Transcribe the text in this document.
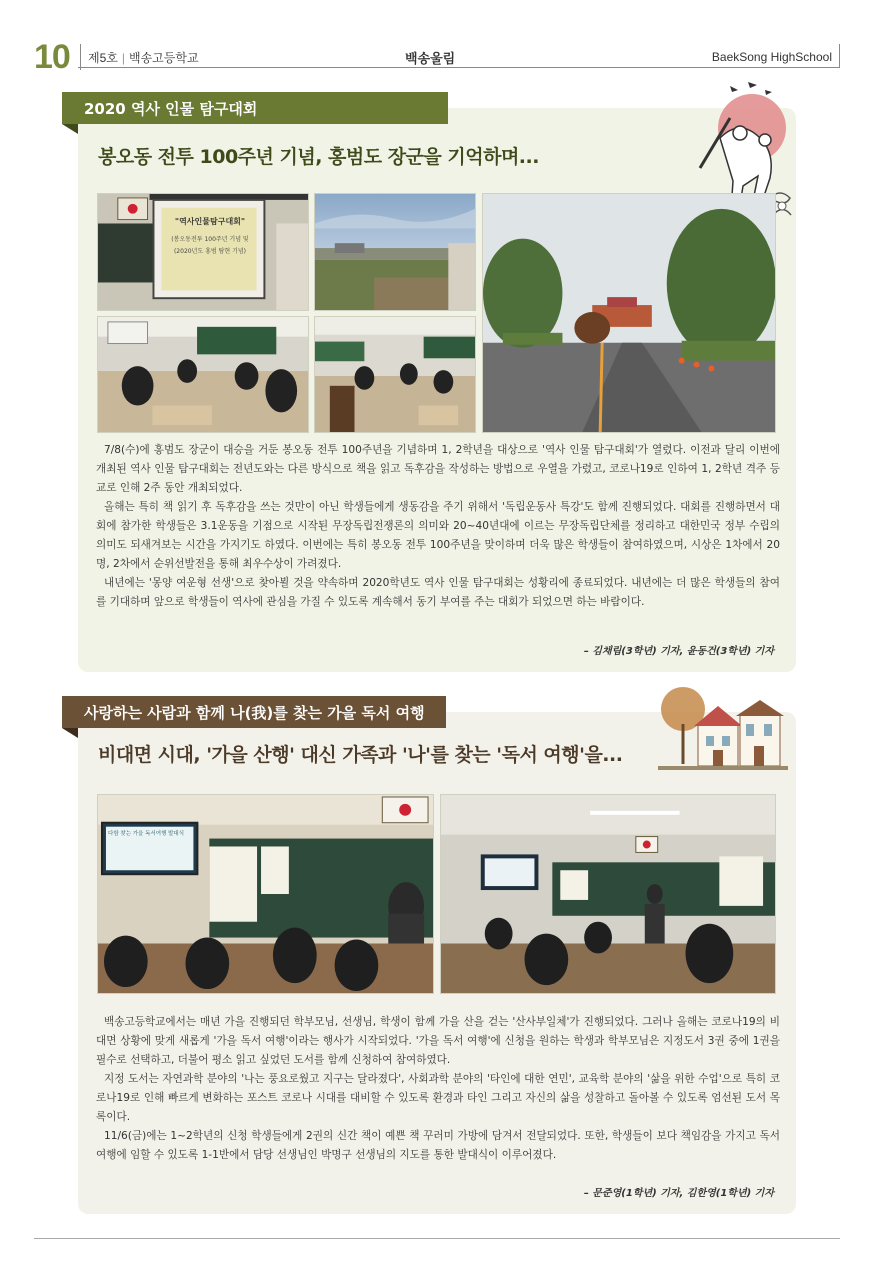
10 제5호 | 백송고등학교	백송울림	BaekSong HighSchool
2020 역사 인물 탐구대회
봉오동 전투 100주년 기념, 홍범도 장군을 기억하며...
"역사인물탐구대회"
(봉오동전투 100주년 기념 및
(2020년도 홍범 탐현 기념)

7/8(수)에 홍범도 장군이 대승을 거둔 봉오동 전투 100주년을 기념하며 1, 2학년을 대상으로 '역사 인물 탐구대회'가 열렸다. 이전과 달리 이번에 개최된 역사 인물 탐구대회는 전년도와는 다른 방식으로 책을 읽고 독후감을 작성하는 방법으로 우열을 가렸고, 코로나19로 인하여 1, 2학년 격주 등교로 인해 2주 동안 개최되었다.

올해는 특히 책 읽기 후 독후감을 쓰는 것만이 아닌 학생들에게 생동감을 주기 위해서 '독립운동사 특강'도 함께 진행되었다. 대회를 진행하면서 대회에 참가한 학생들은 3.1운동을 기점으로 시작된 무장독립전쟁론의 의미와 20~40년대에 이르는 무장독립단체를 정리하고 대한민국 정부 수립의 의미도 되새겨보는 시간을 가지기도 하였다. 이번에는 특히 봉오동 전투 100주년을 맞이하며 더욱 많은 학생들이 참여하였으며, 시상은 1차에서 20명, 2차에서 순위선발전을 통해 최우수상이 가려졌다.

내년에는 '몽양 여운형 선생'으로 찾아뵐 것을 약속하며 2020학년도 역사 인물 탐구대회는 성황리에 종료되었다. 내년에는 더 많은 학생들의 참여를 기대하며 앞으로 학생들이 역사에 관심을 가질 수 있도록 계속해서 동기 부여를 주는 대회가 되었으면 하는 바람이다.

– 김채림(3학년) 기자, 윤동건(3학년) 기자
사랑하는 사람과 함께 나(我)를 찾는 가을 독서 여행
비대면 시대, '가을 산행' 대신 가족과 '나'를 찾는 '독서 여행'을...
다함 찾는 가을 독서여행 발대식

백송고등학교에서는 매년 가을 진행되던 학부모님, 선생님, 학생이 함께 가을 산을 걷는 '산사부일체'가 진행되었다. 그러나 올해는 코로나19의 비대면 상황에 맞게 새롭게 '가을 독서 여행'이라는 행사가 시작되었다. '가을 독서 여행'에 신청을 원하는 학생과 학부모님은 지정도서 3권 중에 1권을 필수로 선택하고, 더불어 평소 읽고 싶었던 도서를 함께 신청하여 참여하였다.

지정 도서는 자연과학 분야의 '나는 풍요로웠고 지구는 달라졌다', 사회과학 분야의 '타인에 대한 연민', 교육학 분야의 '삶을 위한 수업'으로 특히 코로나19로 인해 빠르게 변화하는 포스트 코로나 시대를 대비할 수 있도록 환경과 타인 그리고 자신의 삶을 성찰하고 돌아볼 수 있도록 엄선된 도서 목록이다.

11/6(금)에는 1~2학년의 신청 학생들에게 2권의 신간 책이 예쁜 책 꾸러미 가방에 담겨서 전달되었다. 또한, 학생들이 보다 책임감을 가지고 독서 여행에 임할 수 있도록 1-1반에서 담당 선생님인 박명구 선생님의 지도를 통한 발대식이 이루어졌다.

– 문준영(1학년) 기자, 김한영(1학년) 기자
